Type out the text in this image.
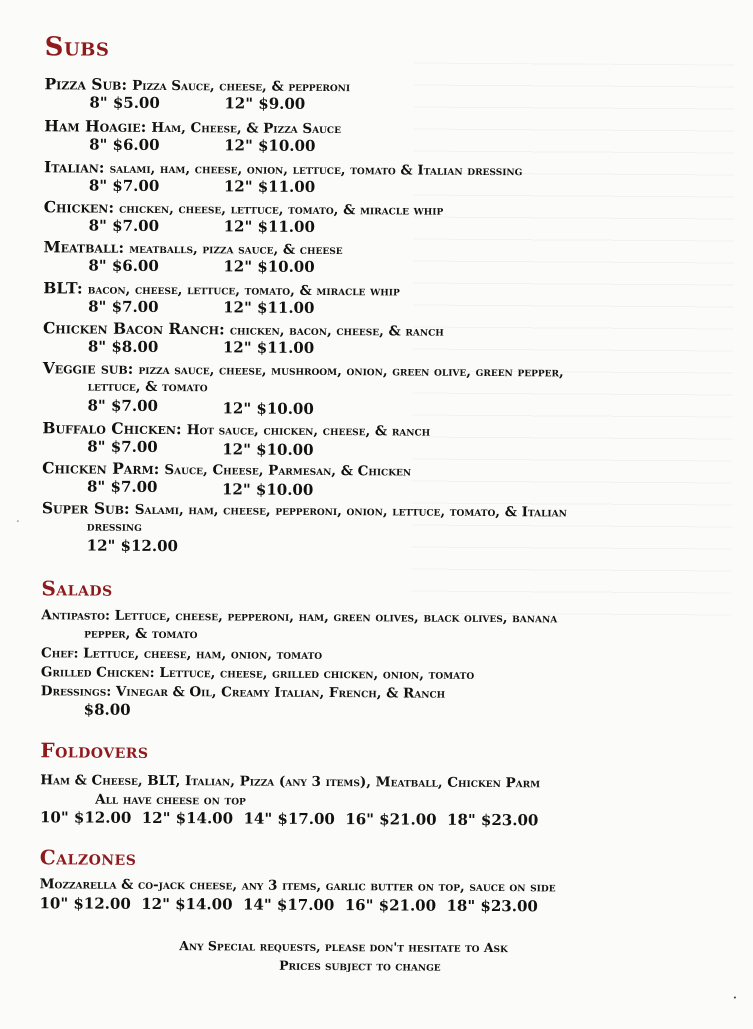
Subs
Pizza Sub: Pizza Sauce, cheese, & pepperoni
8" $5.00	12" $9.00
Ham Hoagie: Ham, Cheese, & Pizza Sauce
8" $6.00	12" $10.00
Italian: salami, ham, cheese, onion, lettuce, tomato & Italian dressing
8" $7.00	12" $11.00
Chicken: chicken, cheese, lettuce, tomato, & miracle whip
8" $7.00	12" $11.00
Meatball: meatballs, pizza sauce, & cheese
8" $6.00	12" $10.00
BLT: bacon, cheese, lettuce, tomato, & miracle whip
8" $7.00	12" $11.00
Chicken Bacon Ranch: chicken, bacon, cheese, & ranch
8" $8.00	12" $11.00
Veggie sub: pizza sauce, cheese, mushroom, onion, green olive, green pepper,
lettuce, & tomato
8" $7.00	12" $10.00
Buffalo Chicken: Hot sauce, chicken, cheese, & ranch
8" $7.00	12" $10.00
Chicken Parm: Sauce, Cheese, Parmesan, & Chicken
8" $7.00	12" $10.00
Super Sub: Salami, ham, cheese, pepperoni, onion, lettuce, tomato, & Italian
dressing
12" $12.00
Salads
Antipasto: Lettuce, cheese, pepperoni, ham, green olives, black olives, banana
pepper, & tomato
Chef: Lettuce, cheese, ham, onion, tomato
Grilled Chicken: Lettuce, cheese, grilled chicken, onion, tomato
Dressings: Vinegar & Oil, Creamy Italian, French, & Ranch
$8.00
Foldovers
Ham & Cheese, BLT, Italian, Pizza (any 3 items), Meatball, Chicken Parm
All have cheese on top
10" $12.00  12" $14.00  14" $17.00  16" $21.00  18" $23.00
Calzones
Mozzarella & co-jack cheese, any 3 items, garlic butter on top, sauce on side
10" $12.00  12" $14.00  14" $17.00  16" $21.00  18" $23.00
Any Special requests, please don't hesitate to Ask
Prices subject to change
